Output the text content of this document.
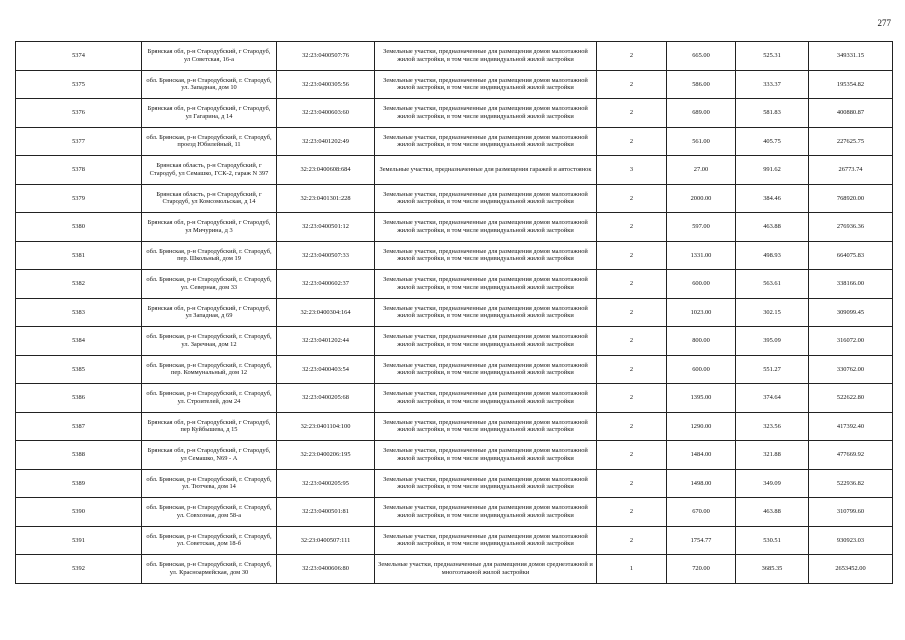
277
5374	Брянская обл, р-н Стародубский, г Стародуб, ул Советская, 16-а	32:23:0400507:76	Земельные участки, предназначенные для размещения домов малоэтажной жилой застройки, в том числе индивидуальной жилой застройки	2	665.00	525.31	349331.15
5375	обл. Брянская, р-н Стародубский, г. Стародуб, ул. Западная, дом 10	32:23:0400305:56	Земельные участки, предназначенные для размещения домов малоэтажной жилой застройки, в том числе индивидуальной жилой застройки	2	586.00	333.37	195354.82
5376	Брянская обл, р-н Стародубский, г Стародуб, ул Гагарина, д 14	32:23:0400603:60	Земельные участки, предназначенные для размещения домов малоэтажной жилой застройки, в том числе индивидуальной жилой застройки	2	689.00	581.83	400880.87
5377	обл. Брянская, р-н Стародубский, г. Стародуб, проезд Юбилейный, 11	32:23:0401202:49	Земельные участки, предназначенные для размещения домов малоэтажной жилой застройки, в том числе индивидуальной жилой застройки	2	561.00	405.75	227625.75
5378	Брянская область, р-н Стародубский, г Стародуб, ул Семашко, ГСК-2, гараж N 397	32:23:0400608:684	Земельные участки, предназначенные для размещения гаражей и автостоянок	3	27.00	991.62	26773.74
5379	Брянская область, р-н Стародубский, г Стародуб, ул Комсомольская, д 14	32:23:0401301:228	Земельные участки, предназначенные для размещения домов малоэтажной жилой застройки, в том числе индивидуальной жилой застройки	2	2000.00	384.46	768920.00
5380	Брянская обл, р-н Стародубский, г Стародуб, ул Мичурина, д 3	32:23:0400501:12	Земельные участки, предназначенные для размещения домов малоэтажной жилой застройки, в том числе индивидуальной жилой застройки	2	597.00	463.88	276936.36
5381	обл. Брянская, р-н Стародубский, г. Стародуб, пер. Школьный, дом 19	32:23:0400507:33	Земельные участки, предназначенные для размещения домов малоэтажной жилой застройки, в том числе индивидуальной жилой застройки	2	1331.00	498.93	664075.83
5382	обл. Брянская, р-н Стародубский, г. Стародуб, ул. Северная, дом 33	32:23:0400602:37	Земельные участки, предназначенные для размещения домов малоэтажной жилой застройки, в том числе индивидуальной жилой застройки	2	600.00	563.61	338166.00
5383	Брянская обл, р-н Стародубский, г Стародуб, ул Западная, д 69	32:23:0400304:164	Земельные участки, предназначенные для размещения домов малоэтажной жилой застройки, в том числе индивидуальной жилой застройки	2	1023.00	302.15	309099.45
5384	обл. Брянская, р-н Стародубский, г. Стародуб, ул. Заречная, дом 12	32:23:0401202:44	Земельные участки, предназначенные для размещения домов малоэтажной жилой застройки, в том числе индивидуальной жилой застройки	2	800.00	395.09	316072.00
5385	обл. Брянская, р-н Стародубский, г. Стародуб, пер. Коммунальный, дом 12	32:23:0400403:54	Земельные участки, предназначенные для размещения домов малоэтажной жилой застройки, в том числе индивидуальной жилой застройки	2	600.00	551.27	330762.00
5386	обл. Брянская, р-н Стародубский, г. Стародуб, ул. Строителей, дом 24	32:23:0400205:68	Земельные участки, предназначенные для размещения домов малоэтажной жилой застройки, в том числе индивидуальной жилой застройки	2	1395.00	374.64	522622.80
5387	Брянская обл, р-н Стародубский, г Стародуб, пер Куйбышева, д 15	32:23:0401104:100	Земельные участки, предназначенные для размещения домов малоэтажной жилой застройки, в том числе индивидуальной жилой застройки	2	1290.00	323.56	417392.40
5388	Брянская обл, р-н Стародубский, г Стародуб, ул Семашко, N69 - А	32:23:0400206:195	Земельные участки, предназначенные для размещения домов малоэтажной жилой застройки, в том числе индивидуальной жилой застройки	2	1484.00	321.88	477669.92
5389	обл. Брянская, р-н Стародубский, г. Стародуб, ул. Тютчева, дом 14	32:23:0400205:95	Земельные участки, предназначенные для размещения домов малоэтажной жилой застройки, в том числе индивидуальной жилой застройки	2	1498.00	349.09	522936.82
5390	обл. Брянская, р-н Стародубский, г. Стародуб, ул. Совхозная, дом 58-а	32:23:0400501:81	Земельные участки, предназначенные для размещения домов малоэтажной жилой застройки, в том числе индивидуальной жилой застройки	2	670.00	463.88	310799.60
5391	обл. Брянская, р-н Стародубский, г. Стародуб, ул. Советская, дом 18-б	32:23:0400507:111	Земельные участки, предназначенные для размещения домов малоэтажной жилой застройки, в том числе индивидуальной жилой застройки	2	1754.77	530.51	930923.03
5392	обл. Брянская, р-н Стародубский, г. Стародуб, ул. Красноармейская, дом 30	32:23:0400606:80	Земельные участки, предназначенные для размещения домов среднеэтажной и многоэтажной жилой застройки	1	720.00	3685.35	2653452.00
